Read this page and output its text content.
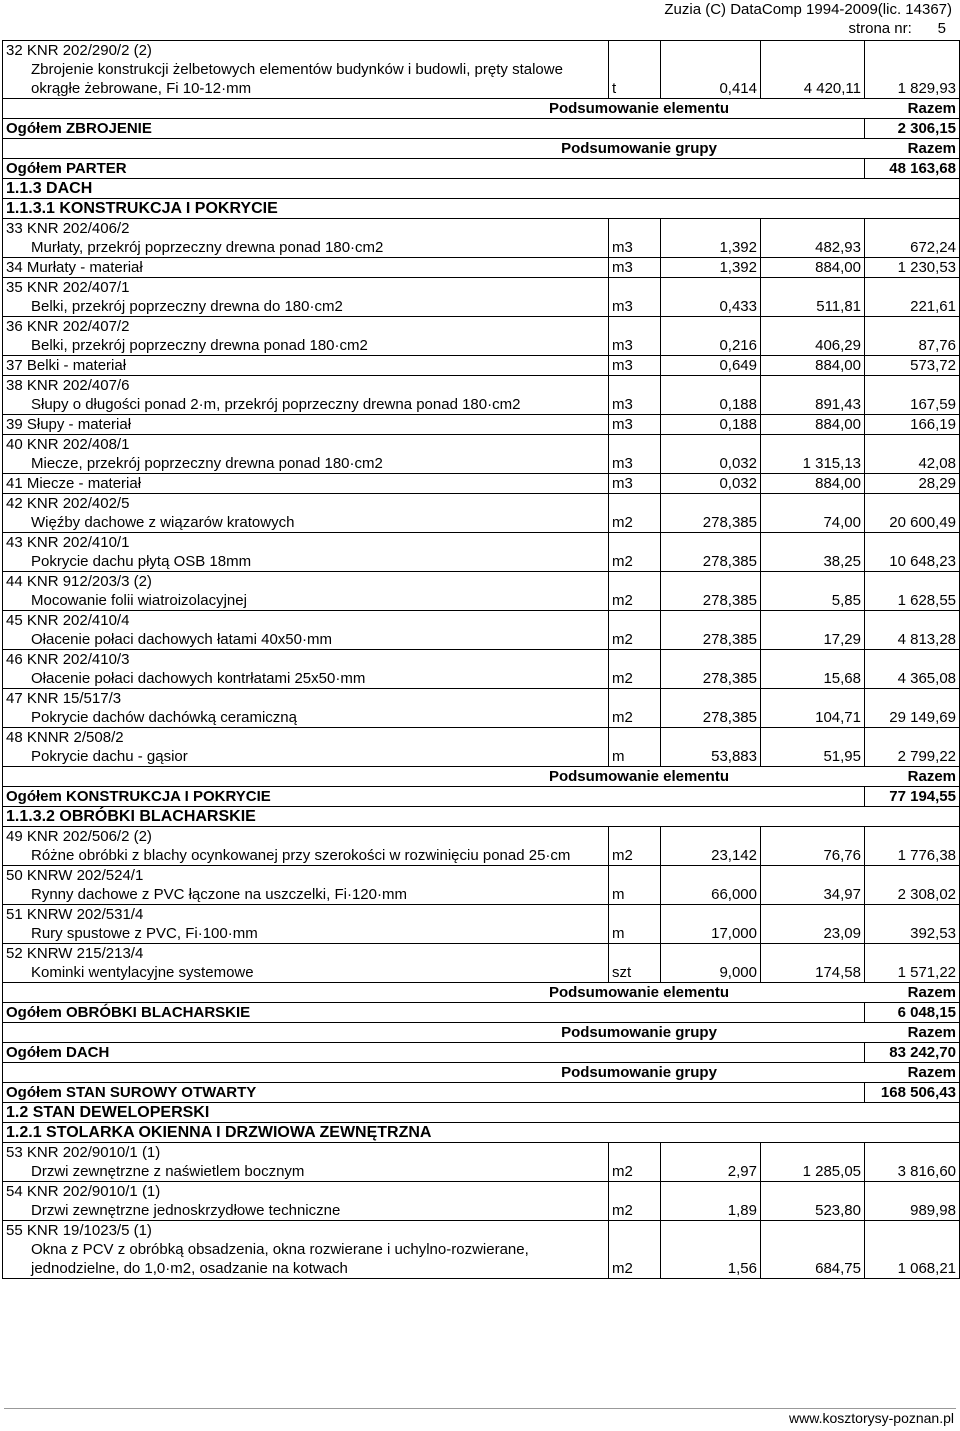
Zuzia (C) DataComp 1994-2009(lic. 14367)
strona nr: 5
32 KNR 202/290/2 (2)
Zbrojenie konstrukcji żelbetowych elementów budynków i budowli, pręty stalowe okrągłe żebrowane, Fi 10-12·mm	t	0,414	4 420,11	1 829,93
Podsumowanie elementu				Razem
Ogółem ZBROJENIE				2 306,15
Podsumowanie grupy				Razem
Ogółem PARTER				48 163,68
1.1.3 DACH				
1.1.3.1 KONSTRUKCJA I POKRYCIE				

33 KNR 202/406/2
Murłaty, przekrój poprzeczny drewna ponad 180·cm2	m3	1,392	482,93	672,24

34 Murłaty - materiał	m3	1,392	884,00	1 230,53

35 KNR 202/407/1
Belki, przekrój poprzeczny drewna do 180·cm2	m3	0,433	511,81	221,61

36 KNR 202/407/2
Belki, przekrój poprzeczny drewna ponad 180·cm2	m3	0,216	406,29	87,76

37 Belki - materiał	m3	0,649	884,00	573,72

38 KNR 202/407/6
Słupy o długości ponad 2·m, przekrój poprzeczny drewna ponad 180·cm2	m3	0,188	891,43	167,59

39 Słupy - materiał	m3	0,188	884,00	166,19

40 KNR 202/408/1
Miecze, przekrój poprzeczny drewna ponad 180·cm2	m3	0,032	1 315,13	42,08

41 Miecze - materiał	m3	0,032	884,00	28,29

42 KNR 202/402/5
Więźby dachowe z wiązarów kratowych	m2	278,385	74,00	20 600,49

43 KNR 202/410/1
Pokrycie dachu płytą OSB 18mm	m2	278,385	38,25	10 648,23

44 KNR 912/203/3 (2)
Mocowanie folii wiatroizolacyjnej	m2	278,385	5,85	1 628,55

45 KNR 202/410/4
Ołacenie połaci dachowych łatami 40x50·mm	m2	278,385	17,29	4 813,28

46 KNR 202/410/3
Ołacenie połaci dachowych kontrłatami 25x50·mm	m2	278,385	15,68	4 365,08

47 KNR 15/517/3
Pokrycie dachów dachówką ceramiczną	m2	278,385	104,71	29 149,69

48 KNNR 2/508/2
Pokrycie dachu - gąsior	m	53,883	51,95	2 799,22
Podsumowanie elementu				Razem
Ogółem KONSTRUKCJA I POKRYCIE				77 194,55
1.1.3.2 OBRÓBKI BLACHARSKIE				

49 KNR 202/506/2 (2)
Różne obróbki z blachy ocynkowanej przy szerokości w rozwinięciu ponad 25·cm	m2	23,142	76,76	1 776,38

50 KNRW 202/524/1
Rynny dachowe z PVC łączone na uszczelki, Fi·120·mm	m	66,000	34,97	2 308,02

51 KNRW 202/531/4
Rury spustowe z PVC, Fi·100·mm	m	17,000	23,09	392,53

52 KNRW 215/213/4
Kominki wentylacyjne systemowe	szt	9,000	174,58	1 571,22
Podsumowanie elementu				Razem
Ogółem OBRÓBKI BLACHARSKIE				6 048,15
Podsumowanie grupy				Razem
Ogółem DACH				83 242,70
Podsumowanie grupy				Razem
Ogółem STAN SUROWY OTWARTY				168 506,43
1.2 STAN DEWELOPERSKI				
1.2.1 STOLARKA OKIENNA I DRZWIOWA ZEWNĘTRZNA				

53 KNR 202/9010/1 (1)
Drzwi zewnętrzne z naświetlem bocznym	m2	2,97	1 285,05	3 816,60

54 KNR 202/9010/1 (1)
Drzwi zewnętrzne jednoskrzydłowe techniczne	m2	1,89	523,80	989,98

55 KNR 19/1023/5 (1)
Okna z PCV z obróbką obsadzenia, okna rozwierane i uchylno-rozwierane, jednodzielne, do 1,0·m2, osadzanie na kotwach	m2	1,56	684,75	1 068,21
www.kosztorysy-poznan.pl
